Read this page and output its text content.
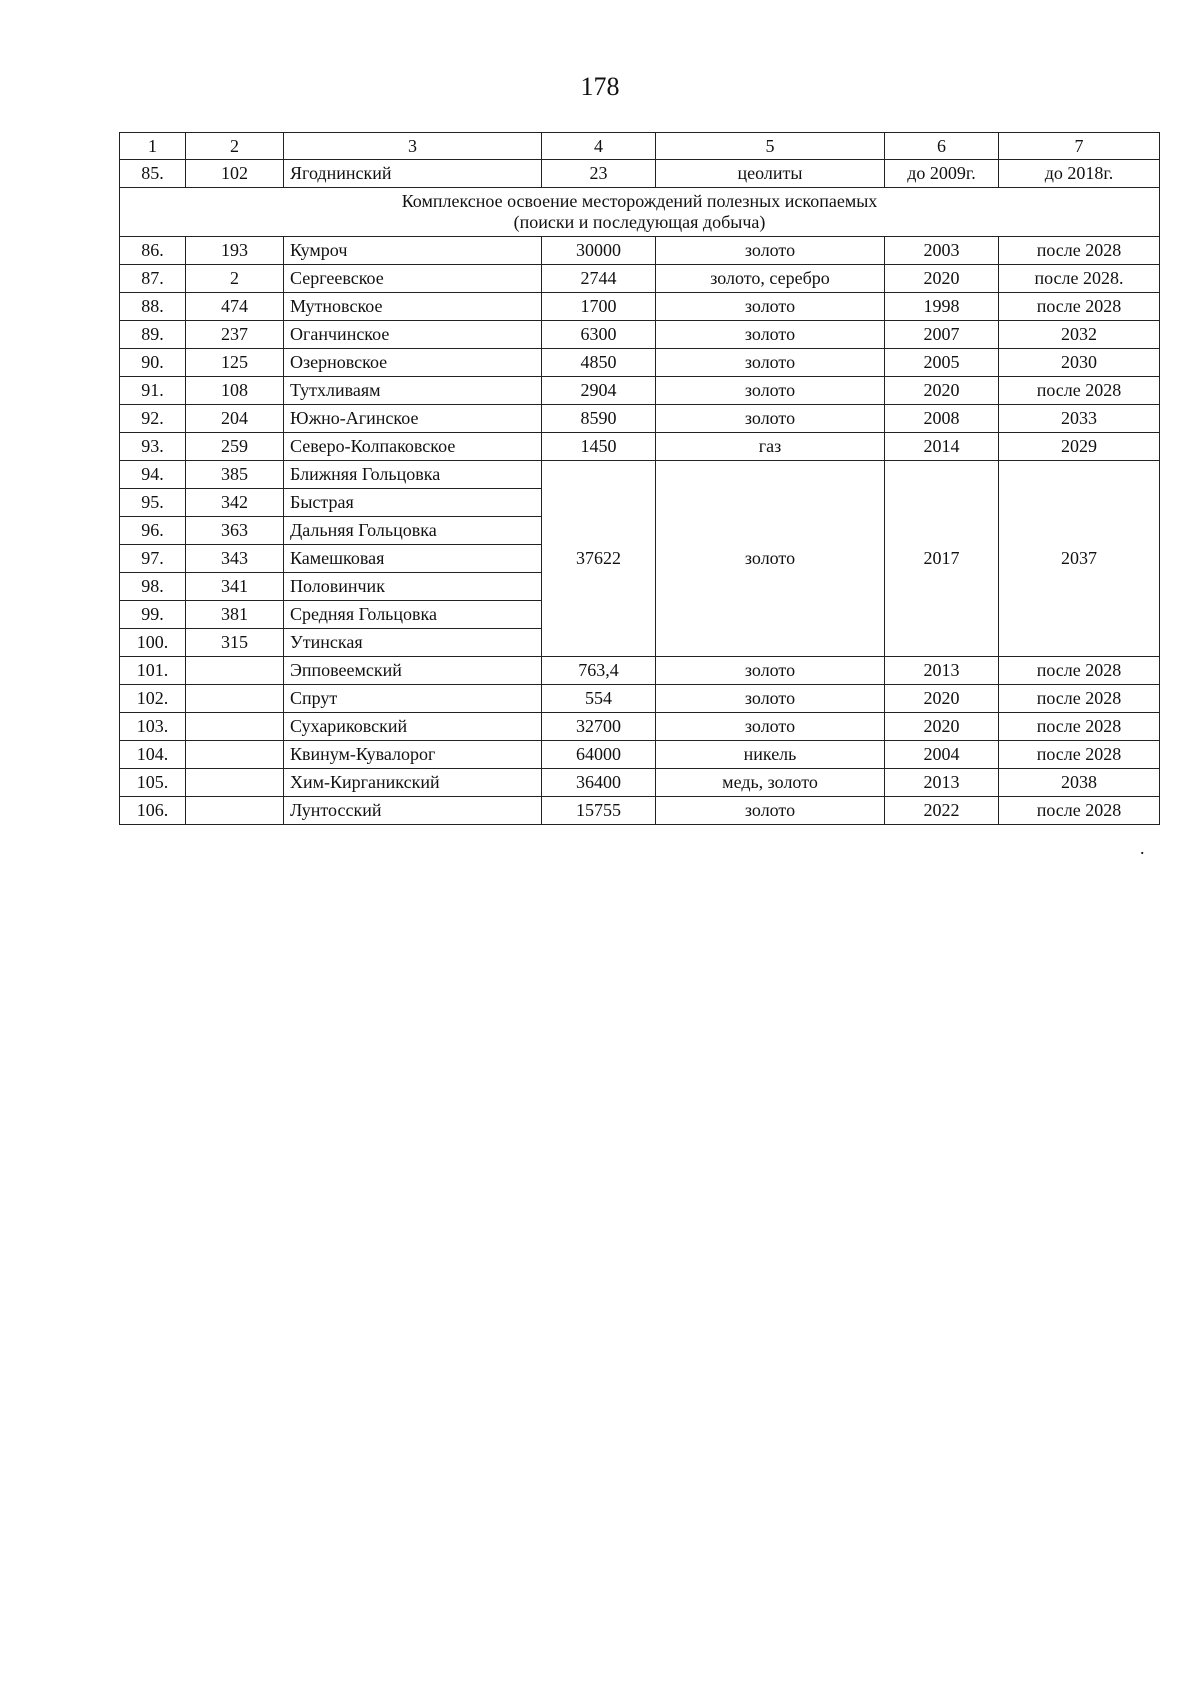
178
1	2	3	4	5	6	7
85.	102	Ягоднинский	23	цеолиты	до 2009г.	до 2018г.
Комплексное освоение месторождений полезных ископаемых
(поиски и последующая добыча)						
86.	193	Кумроч	30000	золото	2003	после 2028
87.	2	Сергеевское	2744	золото, серебро	2020	после 2028.
88.	474	Мутновское	1700	золото	1998	после 2028
89.	237	Оганчинское	6300	золото	2007	2032
90.	125	Озерновское	4850	золото	2005	2030
91.	108	Тутхливаям	2904	золото	2020	после 2028
92.	204	Южно-Агинское	8590	золото	2008	2033
93.	259	Северо-Колпаковское	1450	газ	2014	2029
94.	385	Ближняя Гольцовка	37622	золото	2017	2037
95.	342	Быстрая				
96.	363	Дальняя Гольцовка				
97.	343	Камешковая				
98.	341	Половинчик				
99.	381	Средняя Гольцовка				
100.	315	Утинская				
101.		Эпповеемский	763,4	золото	2013	после 2028
102.		Спрут	554	золото	2020	после 2028
103.		Сухариковский	32700	золото	2020	после 2028
104.		Квинум-Кувалорог	64000	никель	2004	после 2028
105.		Хим-Кирганикский	36400	медь, золото	2013	2038
106.		Лунтосский	15755	золото	2022	после 2028
.
